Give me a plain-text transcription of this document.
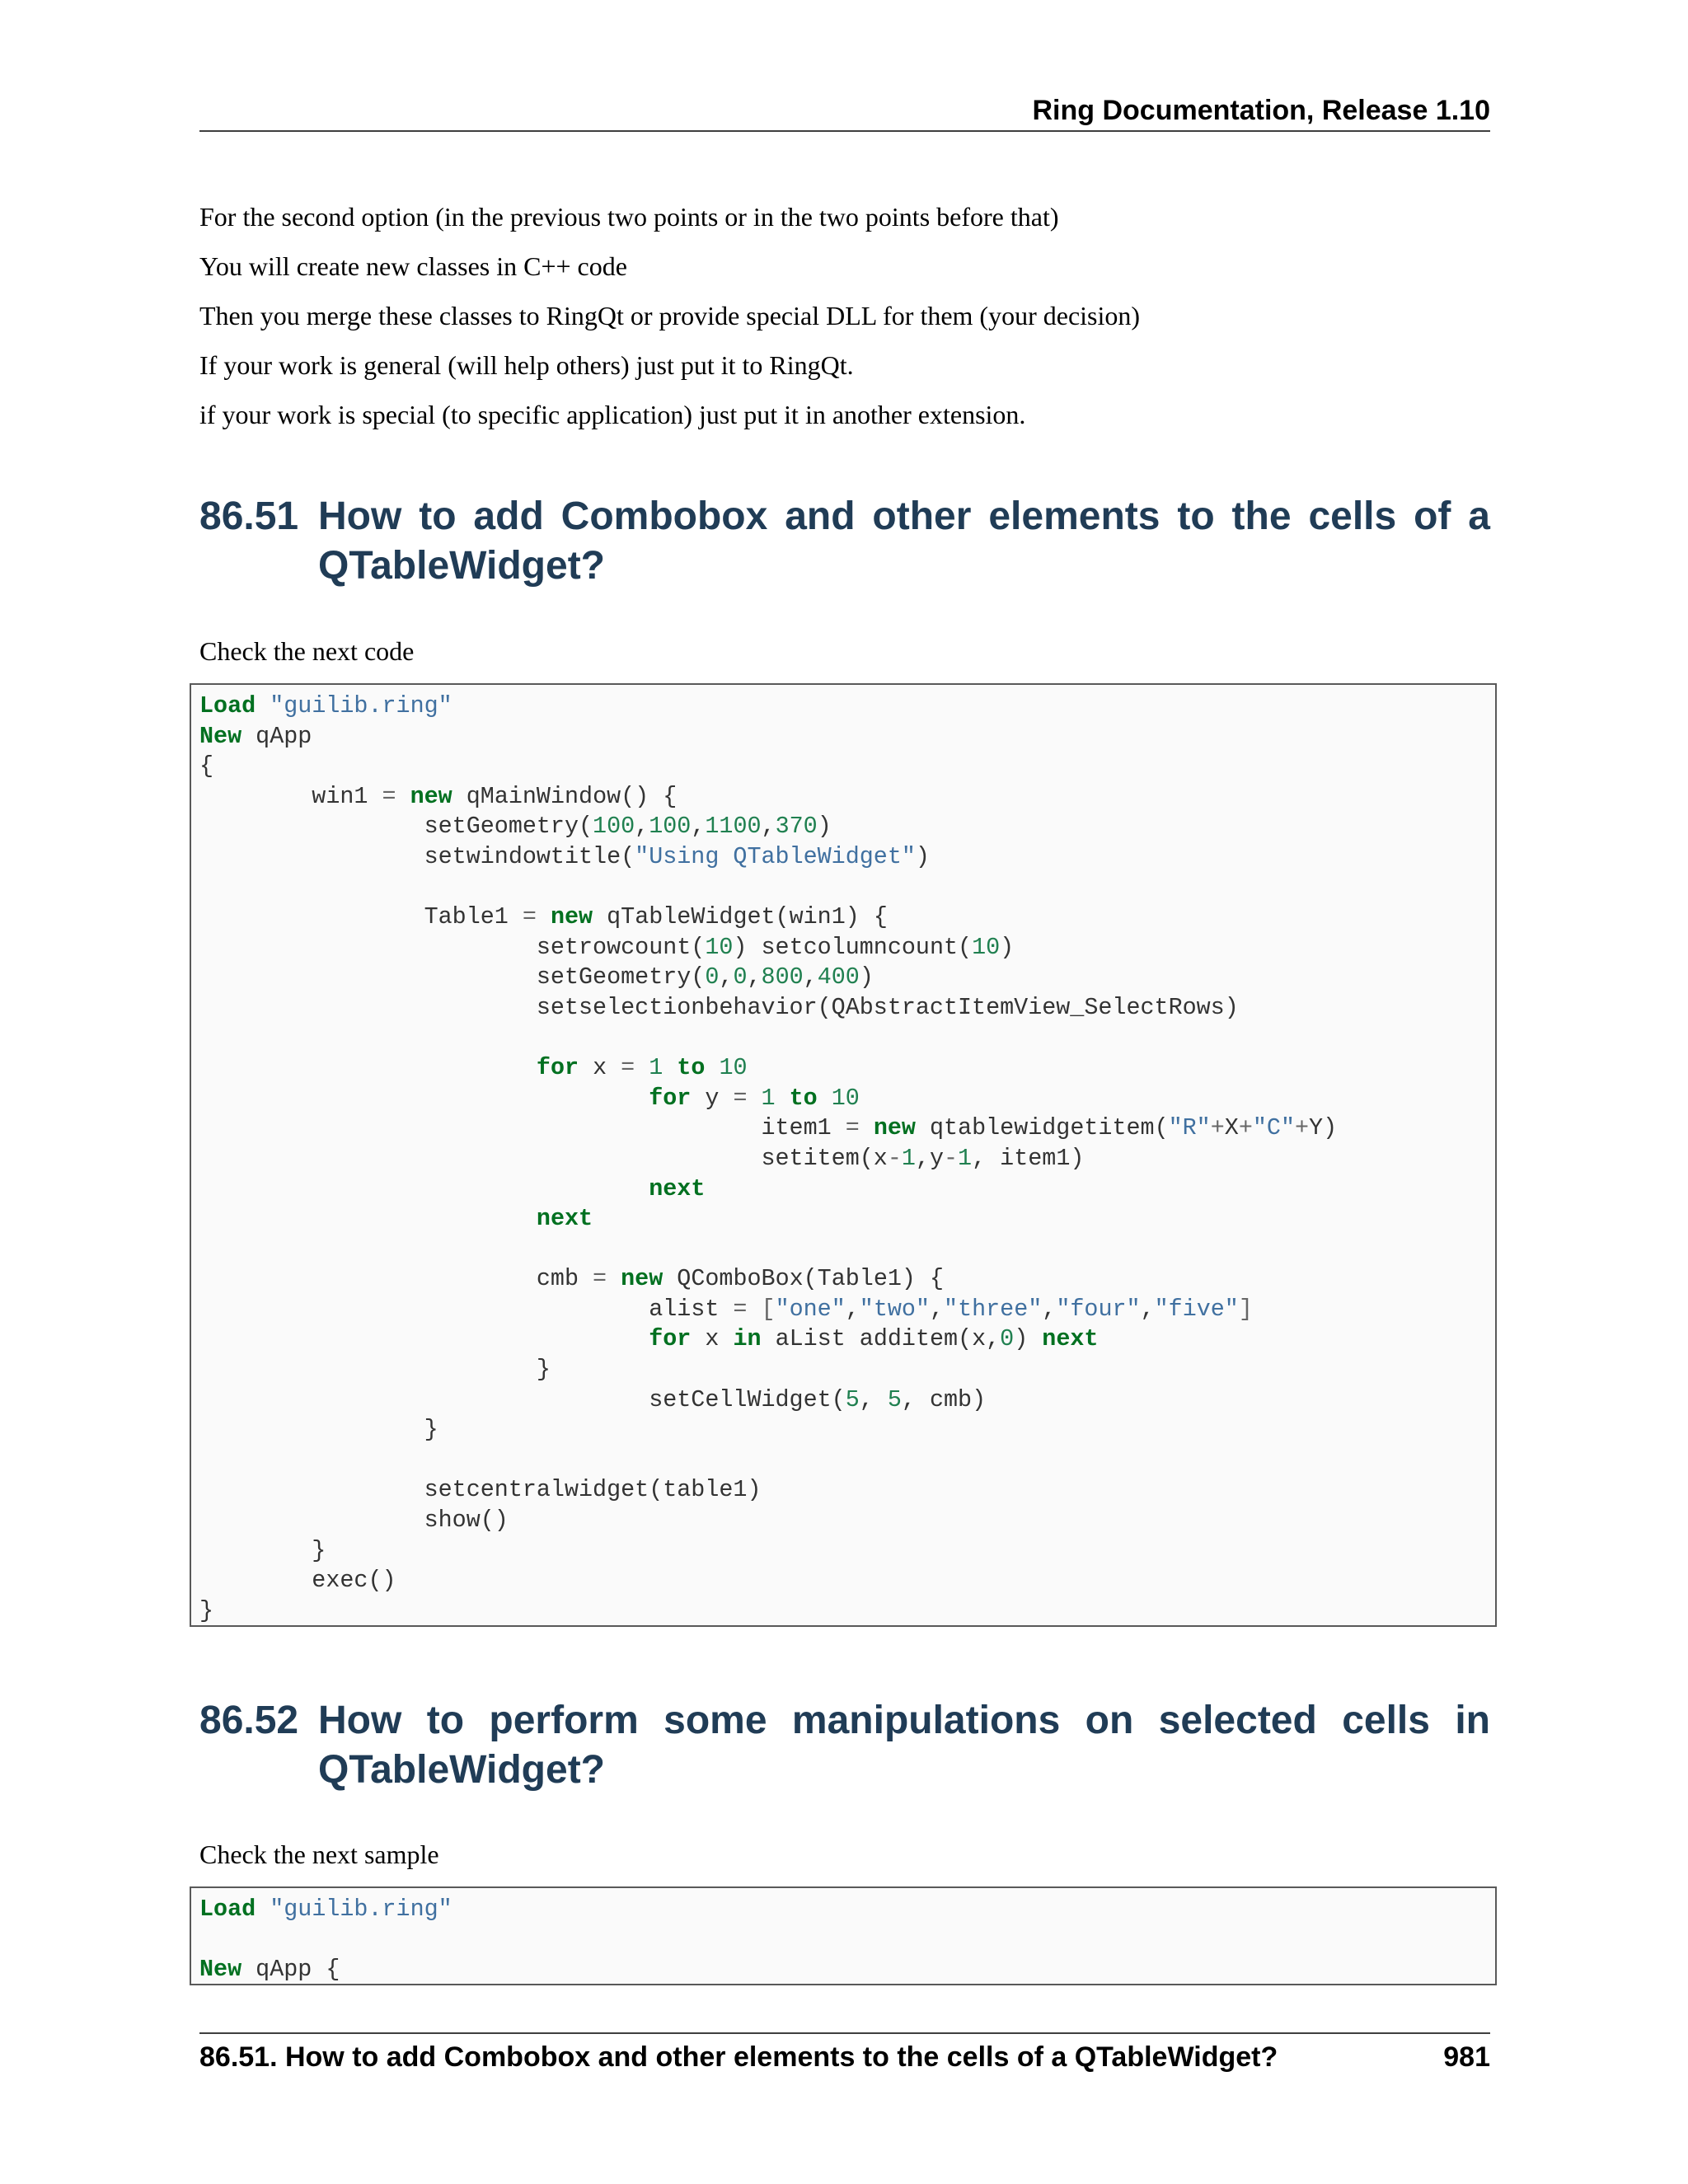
Ring Documentation, Release 1.10

For the second option (in the previous two points or in the two points before that)

You will create new classes in C++ code

Then you merge these classes to RingQt or provide special DLL for them (your decision)

If your work is general (will help others) just put it to RingQt.

if your work is special (to specific application) just put it in another extension.

86.51 How to add Combobox and other elements to the cells of a QTableWidget?

Check the next code

Load "guilib.ring"
New qApp
{
win1 = new qMainWindow() {
setGeometry(100,100,1100,370)
setwindowtitle("Using QTableWidget")

Table1 = new qTableWidget(win1) {
setrowcount(10) setcolumncount(10)
setGeometry(0,0,800,400)
setselectionbehavior(QAbstractItemView_SelectRows)

for x = 1 to 10
for y = 1 to 10
item1 = new qtablewidgetitem("R"+X+"C"+Y)
setitem(x-1,y-1, item1)
next
next

cmb = new QComboBox(Table1) {
alist = ["one","two","three","four","five"]
for x in aList additem(x,0) next
}
setCellWidget(5, 5, cmb)
}

setcentralwidget(table1)
show()
}
exec()
}
86.52 How to perform some manipulations on selected cells in QTableWidget?

Check the next sample

Load "guilib.ring"

New qApp {
86.51. How to add Combobox and other elements to the cells of a QTableWidget?	981
